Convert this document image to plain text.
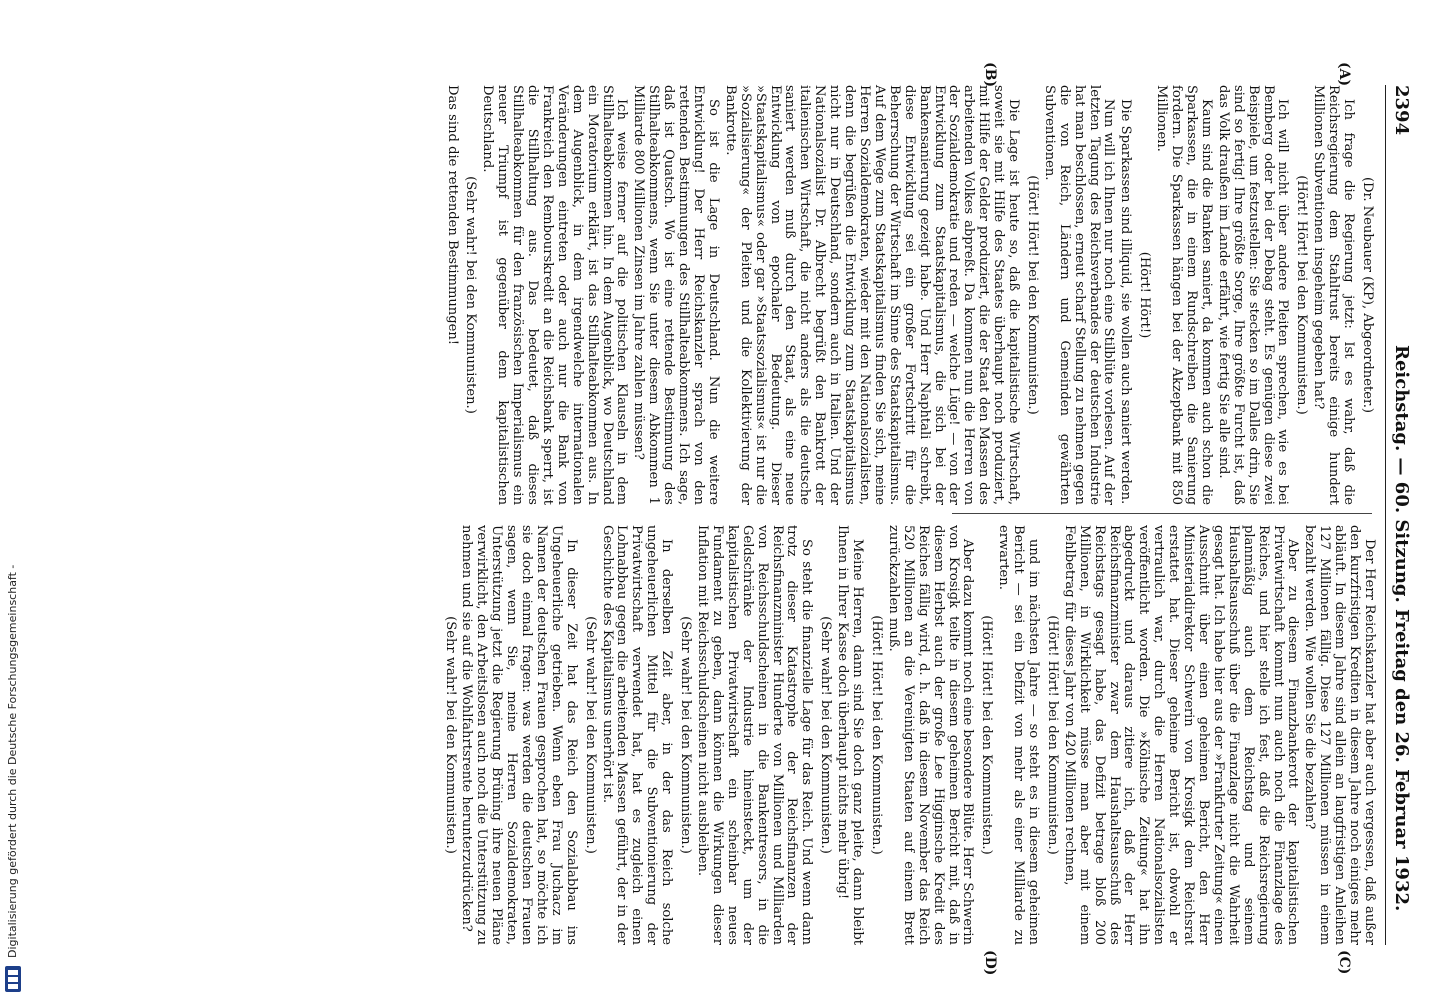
2394
Reichstag. — 60. Sitzung. Freitag den 26. Februar 1932.
(A)
(B)
(C)
(D)

(Dr. Neubauer (KP), Abgeordneter.)

Ich frage die Regierung jetzt: Ist es wahr, daß die Reichsregierung dem Stahltrust bereits einige hundert Millionen Subventionen insgeheim gegeben hat?

(Hört! Hört! bei den Kommunisten.)

Ich will nicht über andere Pleiten sprechen, wie es bei Bemberg oder bei der Debag steht. Es genügen diese zwei Beispiele, um festzustellen: Sie stecken so im Dalles drin, Sie sind so fertig! Ihre größte Sorge, Ihre größte Furcht ist, daß das Volk draußen im Lande erfährt, wie fertig Sie alle sind.

Kaum sind die Banken saniert, da kommen auch schon die Sparkassen, die in einem Rundschreiben die Sanierung fordern. Die Sparkassen hängen bei der Akzeptbank mit 850 Millionen.

(Hört! Hört!)

Die Sparkassen sind illiquid, sie wollen auch saniert werden.

Nun will ich Ihnen nur noch eine Stilblüte vorlesen. Auf der letzten Tagung des Reichsverbandes der deutschen Industrie hat man beschlossen, erneut scharf Stellung zu nehmen gegen die von Reich, Ländern und Gemeinden gewährten Subventionen.

(Hört! Hört! bei den Kommunisten.)

Die Lage ist heute so, daß die kapitalistische Wirtschaft, soweit sie mit Hilfe des Staates überhaupt noch produziert, mit Hilfe der Gelder produziert, die der Staat den Massen des arbeitenden Volkes abpreßt. Da kommen nun die Herren von der Sozialdemokratie und reden — welche Lüge! — von der Entwicklung zum Staatskapitalismus, die sich bei der Bankensanierung gezeigt habe. Und Herr Naphtali schreibt, diese Entwicklung sei ein großer Fortschritt für die Beherrschung der Wirtschaft im Sinne des Staatskapitalismus. Auf dem Wege zum Staatskapitalismus finden Sie sich, meine Herren Sozialdemokraten, wieder mit den Nationalsozialisten, denn die begrüßen die Entwicklung zum Staatskapitalismus nicht nur in Deutschland, sondern auch in Italien. Und der Nationalsozialist Dr. Albrecht begrüßt den Bankrott der italienischen Wirtschaft, die nicht anders als die deutsche saniert werden muß durch den Staat, als eine neue Entwicklung von epochaler Bedeutung. Dieser »Staatskapitalismus« oder gar »Staatssozialismus« ist nur die »Sozialisierung« der Pleiten und die Kollektivierung der Bankrotte.

So ist die Lage in Deutschland. Nun die weitere Entwicklung! Der Herr Reichskanzler sprach von den rettenden Bestimmungen des Stillhalteabkommens. Ich sage, daß ist Quatsch. Wo ist eine rettende Bestimmung des Stillhalteabkommens, wenn Sie unter diesem Abkommen 1 Milliarde 800 Millionen Zinsen im Jahre zahlen müssen?

Ich weise ferner auf die politischen Klauseln in dem Stillhalteabkommen hin. In dem Augenblick, wo Deutschland ein Moratorium erklärt, ist das Stillhalteabkommen aus. In dem Augenblick, in dem irgendwelche internationalen Veränderungen eintreten oder auch nur die Bank von Frankreich den Rembourskredit an die Reichsbank sperrt, ist die Stillhaltung aus. Das bedeutet, daß dieses Stillhalteabkommen für den französischen Imperialismus ein neuer Triumpf ist gegenüber dem kapitalistischen Deutschland.

(Sehr wahr! bei den Kommunisten.)

Das sind die rettenden Bestimmungen!

Der Herr Reichskanzler hat aber auch vergessen, daß außer den kurzfristigen Krediten in diesem Jahre noch einiges mehr abläuft. In diesem Jahre sind allein an langfristigen Anleihen 127 Millionen fällig. Diese 127 Millionen müssen in einem bezahlt werden. Wie wollen Sie die bezahlen?

Aber zu diesem Finanzbankerott der kapitalistischen Privatwirtschaft kommt nun auch noch die Finanzlage des Reiches, und hier stelle ich fest, daß die Reichsregierung planmäßig auch dem Reichstag und seinem Haushaltsausschuß über die Finanzlage nicht die Wahrheit gesagt hat. Ich habe hier aus der »Frankfurter Zeitung« einen Ausschnitt über einen geheimen Bericht, den Herr Ministerialdirektor Schwerin von Krosigk dem Reichsrat erstattet hat. Dieser geheime Bericht ist, obwohl er vertraulich war, durch die Herren Nationalsozialisten veröffentlicht worden. Die »Kölnische Zeitung« hat ihn abgedruckt und daraus zitiere ich, daß der Herr Reichsfinanzminister zwar dem Haushaltsausschuß des Reichstags gesagt habe, das Defizit betrage bloß 200 Millionen, in Wirklichkeit müsse man aber mit einem Fehlbetrag für dieses Jahr von 420 Millionen rechnen,

(Hört! Hört! bei den Kommunisten.)

und im nächsten Jahre — so steht es in diesem geheimen Bericht — sei ein Defizit von mehr als einer Milliarde zu erwarten.

(Hört! Hört! bei den Kommunisten.)

Aber dazu kommt noch eine besondere Blüte. Herr Schwerin von Krosigk teilte in diesem geheimen Bericht mit, daß in diesem Herbst auch der große Lee Higginsche Kredit des Reiches fällig wird, d. h. daß in diesem November das Reich 520 Millionen an die Vereinigten Staaten auf einem Brett zurückzahlen muß.

(Hört! Hört! bei den Kommunisten.)

Meine Herren, dann sind Sie doch ganz pleite, dann bleibt Ihnen in Ihrer Kasse doch überhaupt nichts mehr übrig!

(Sehr wahr! bei den Kommunisten.)

So steht die finanzielle Lage für das Reich. Und wenn dann trotz dieser Katastrophe der Reichsfinanzen der Reichsfinanzminister Hunderte von Millionen und Milliarden von Reichsschuldscheinen in die Bankentresors, in die Geldschränke der Industrie hineinsteckt, um der kapitalistischen Privatwirtschaft ein scheinbar neues Fundament zu geben, dann können die Wirkungen dieser Inflation mit Reichsschuldscheinen nicht ausbleiben.

(Sehr wahr! bei den Kommunisten.)

In derselben Zeit aber, in der das Reich solche ungeheuerlichen Mittel für die Subventionierung der Privatwirtschaft verwendet hat, hat es zugleich einen Lohnabbau gegen die arbeitenden Massen geführt, der in der Geschichte des Kapitalismus unerhört ist.

(Sehr wahr! bei den Kommunisten.)

In dieser Zeit hat das Reich den Sozialabbau ins Ungeheuerliche getrieben. Wenn eben Frau Juchacz im Namen der deutschen Frauen gesprochen hat, so möchte ich sie doch einmal fragen: was werden die deutschen Frauen sagen, wenn Sie, meine Herren Sozialdemokraten, Unterstützung jetzt die Regierung Brüning ihre neuen Pläne verwirklicht, den Arbeitslosen auch noch die Unterstützung zu nehmen und sie auf die Wohlfahrtsrente herunterzudrücken?

(Sehr wahr! bei den Kommunisten.)

Digitalisierung gefördert durch die Deutsche Forschungsgemeinschaft -
